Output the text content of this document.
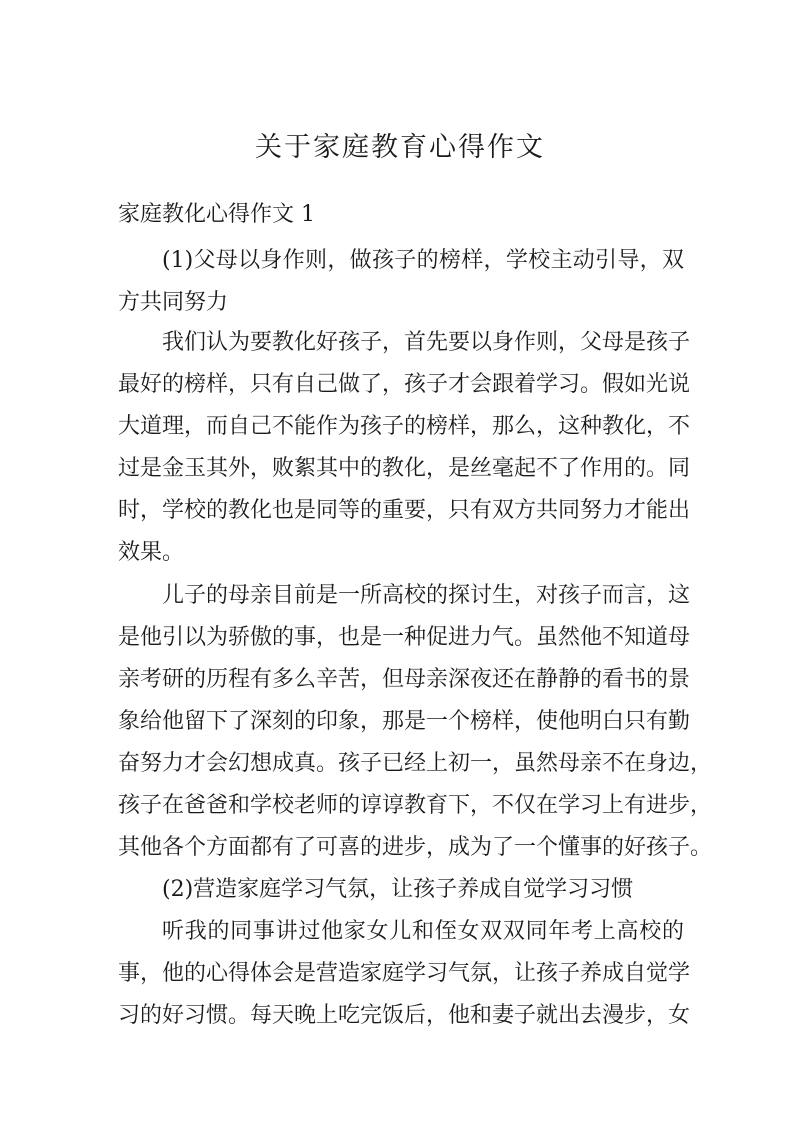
关于家庭教育心得作文
家庭教化心得作文 1
(1)父母以身作则，做孩子的榜样，学校主动引导，双
方共同努力
我们认为要教化好孩子，首先要以身作则，父母是孩子
最好的榜样，只有自己做了，孩子才会跟着学习。假如光说
大道理，而自己不能作为孩子的榜样，那么，这种教化，不
过是金玉其外，败絮其中的教化，是丝毫起不了作用的。同
时，学校的教化也是同等的重要，只有双方共同努力才能出
效果。
儿子的母亲目前是一所高校的探讨生，对孩子而言，这
是他引以为骄傲的事，也是一种促进力气。虽然他不知道母
亲考研的历程有多么辛苦，但母亲深夜还在静静的看书的景
象给他留下了深刻的印象，那是一个榜样，使他明白只有勤
奋努力才会幻想成真。孩子已经上初一，虽然母亲不在身边，
孩子在爸爸和学校老师的谆谆教育下，不仅在学习上有进步，
其他各个方面都有了可喜的进步，成为了一个懂事的好孩子。
(2)营造家庭学习气氛，让孩子养成自觉学习习惯
听我的同事讲过他家女儿和侄女双双同年考上高校的
事，他的心得体会是营造家庭学习气氛，让孩子养成自觉学
习的好习惯。每天晚上吃完饭后，他和妻子就出去漫步，女
